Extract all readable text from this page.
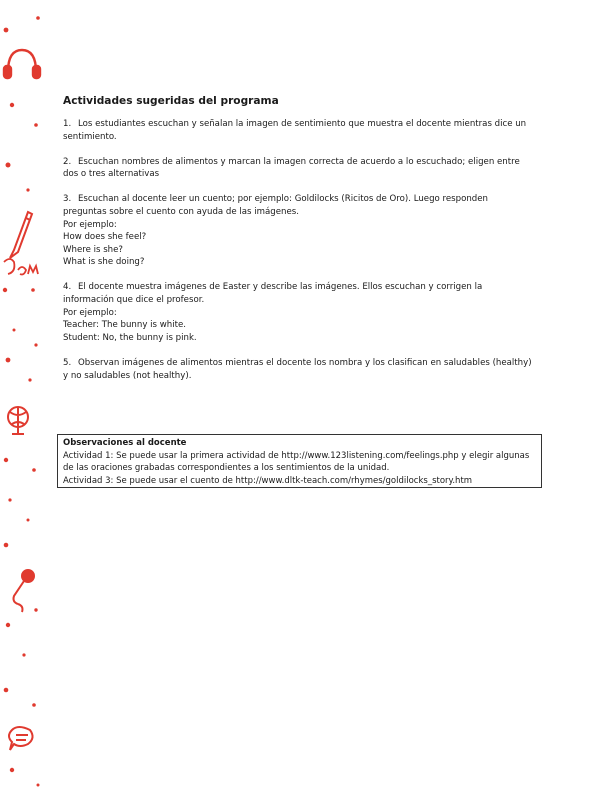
Actividades sugeridas del programa

1. Los estudiantes escuchan y señalan la imagen de sentimiento que muestra el docente mientras dice un sentimiento.

2. Escuchan nombres de alimentos y marcan la imagen correcta de acuerdo a lo escuchado; eligen entre dos o tres alternativas

3. Escuchan al docente leer un cuento; por ejemplo: Goldilocks (Ricitos de Oro). Luego responden preguntas sobre el cuento con ayuda de las imágenes.

Por ejemplo:

How does she feel?

Where is she?

What is she doing?

4. El docente muestra imágenes de Easter y describe las imágenes. Ellos escuchan y corrigen la información que dice el profesor.

Por ejemplo:

Teacher: The bunny is white.

Student: No, the bunny is pink.

5. Observan imágenes de alimentos mientras el docente los nombra y los clasifican en saludables (healthy) y no saludables (not healthy).

Observaciones al docente

Actividad 1: Se puede usar la primera actividad de http://www.123listening.com/feelings.php y elegir algunas de las oraciones grabadas correspondientes a los sentimientos de la unidad.

Actividad 3: Se puede usar el cuento de http://www.dltk-teach.com/rhymes/goldilocks_story.htm
